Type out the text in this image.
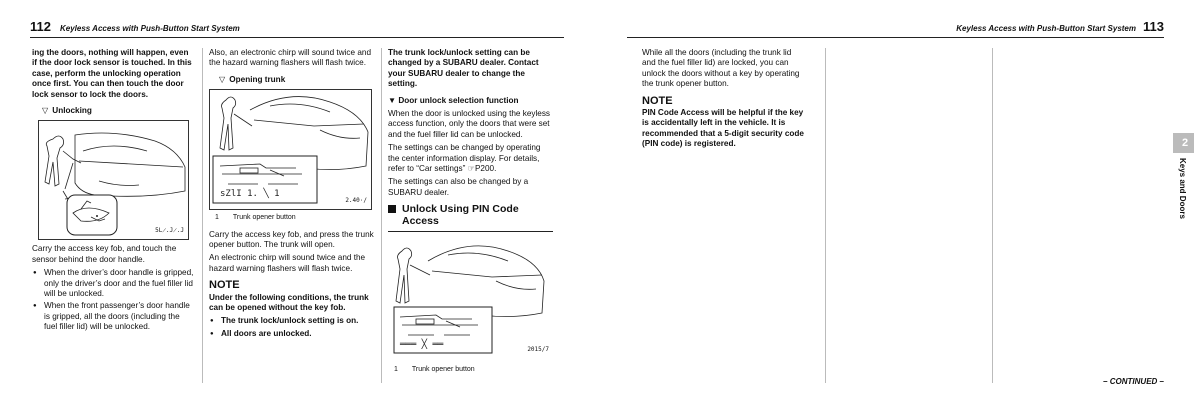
112 Keyless Access with Push-Button Start System

ing the doors, nothing will happen, even if the door lock sensor is touched. In this case, perform the unlocking operation once first. You can then touch the door lock sensor to lock the doors.

▽ Unlocking
5L̷.J̷.J

Carry the access key fob, and touch the sensor behind the door handle.

● When the driver’s door handle is gripped, only the driver’s door and the fuel filler lid will be unlocked.
● When the front passenger’s door handle is gripped, all the doors (including the fuel filler lid) will be unlocked.

Also, an electronic chirp will sound twice and the hazard warning flashers will flash twice.

▽ Opening trunk
sZlI 1. ╲ 1
2.40·/
1 Trunk opener button

Carry the access key fob, and press the trunk opener button. The trunk will open.

An electronic chirp will sound twice and the hazard warning flashers will flash twice.

NOTE

Under the following conditions, the trunk can be opened without the key fob.

● The trunk lock/unlock setting is on.
● All doors are unlocked.

The trunk lock/unlock setting can be changed by a SUBARU dealer. Contact your SUBARU dealer to change the setting.

▼ Door unlock selection function

When the door is unlocked using the keyless access function, only the doors that were set and the fuel filler lid can be unlocked.

The settings can be changed by operating the center information display. For details, refer to “Car settings” ☞P200.

The settings can also be changed by a SUBARU dealer.

Unlock Using PIN Code Access
═══ ╳ ══	2015/7
1 Trunk opener button
Keyless Access with Push-Button Start System 113

While all the doors (including the trunk lid and the fuel filler lid) are locked, you can unlock the doors without a key by operating the trunk opener button.

NOTE

PIN Code Access will be helpful if the key is accidentally left in the vehicle. It is recommended that a 5-digit security code (PIN code) is registered.	2
Keys and Doors
– CONTINUED –
